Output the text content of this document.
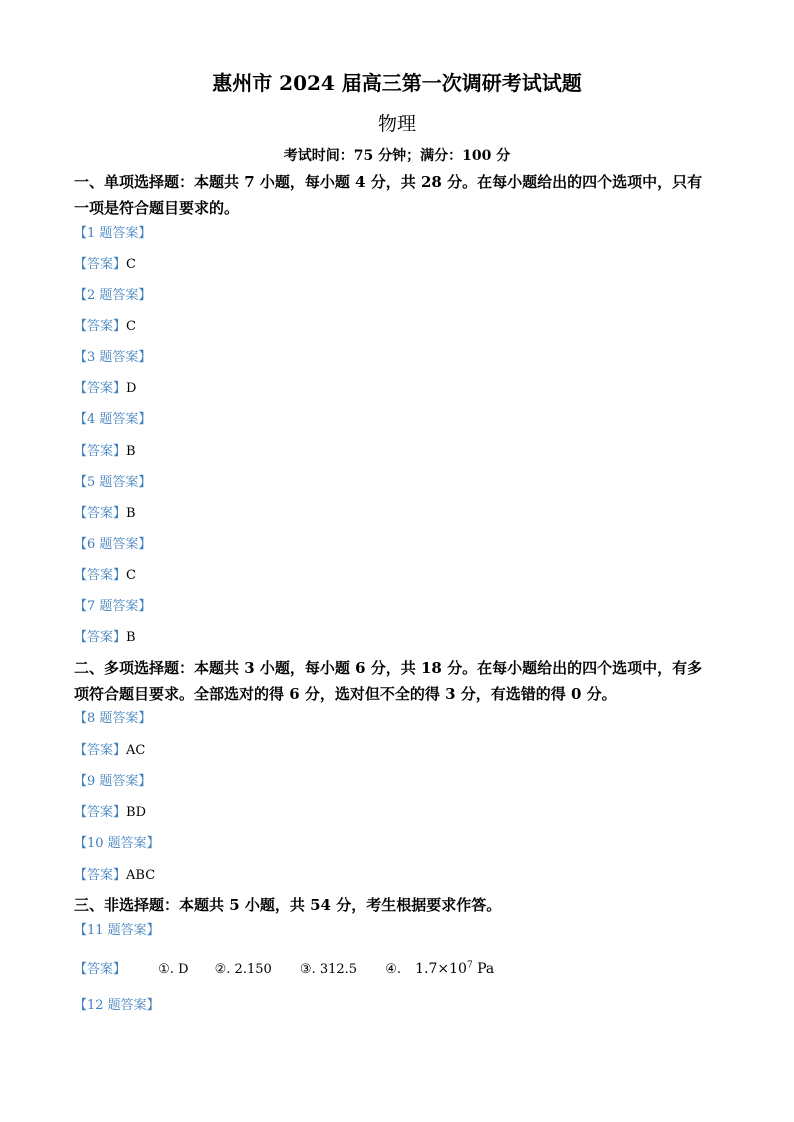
惠州市 2024 届高三第一次调研考试试题
物理
考试时间：75 分钟；满分：100 分
一、单项选择题：本题共 7 小题，每小题 4 分，共 28 分。在每小题给出的四个选项中，只有
一项是符合题目要求的。
【1 题答案】
【答案】C
【2 题答案】
【答案】C
【3 题答案】
【答案】D
【4 题答案】
【答案】B
【5 题答案】
【答案】B
【6 题答案】
【答案】C
【7 题答案】
【答案】B
二、多项选择题：本题共 3 小题，每小题 6 分，共 18 分。在每小题给出的四个选项中，有多
项符合题目要求。全部选对的得 6 分，选对但不全的得 3 分，有选错的得 0 分。
【8 题答案】
【答案】AC
【9 题答案】
【答案】BD
【10 题答案】
【答案】ABC
三、非选择题：本题共 5 小题，共 54 分，考生根据要求作答。
【11 题答案】
【答案】 ①. D ②. 2.150 ③. 312.5 ④. $1.7\times 10^7$ Pa
【12 题答案】
